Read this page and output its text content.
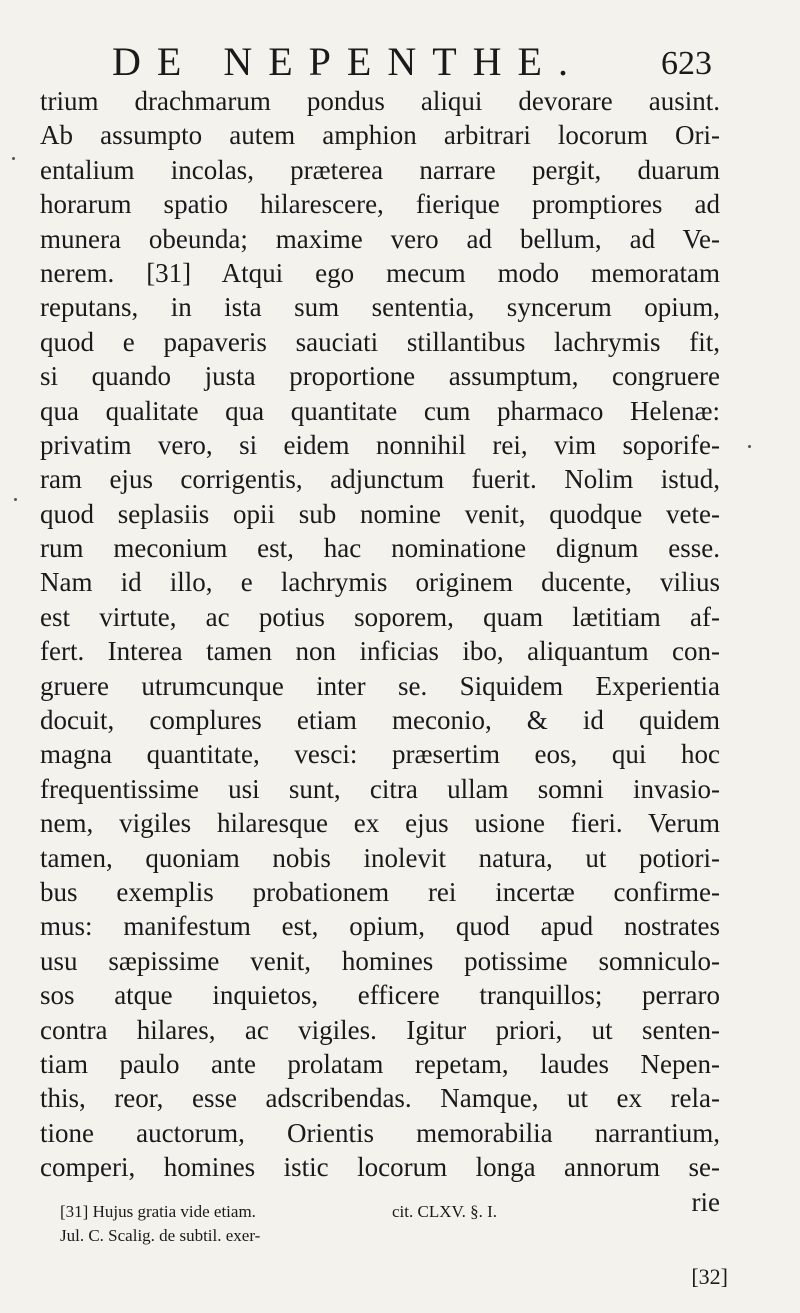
DE NEPENTHE. 623
trium drachmarum pondus aliqui devorare ausint.
Ab assumpto autem amphion arbitrari locorum Ori-
entalium incolas, præterea narrare pergit, duarum
horarum spatio hilarescere, fierique promptiores ad
munera obeunda; maxime vero ad bellum, ad Ve-
nerem. [31] Atqui ego mecum modo memoratam
reputans, in ista sum sententia, syncerum opium,
quod e papaveris sauciati stillantibus lachrymis fit,
si quando justa proportione assumptum, congruere
qua qualitate qua quantitate cum pharmaco Helenæ:
privatim vero, si eidem nonnihil rei, vim soporife-
ram ejus corrigentis, adjunctum fuerit. Nolim istud,
quod seplasiis opii sub nomine venit, quodque vete-
rum meconium est, hac nominatione dignum esse.
Nam id illo, e lachrymis originem ducente, vilius
est virtute, ac potius soporem, quam lætitiam af-
fert. Interea tamen non inficias ibo, aliquantum con-
gruere utrumcunque inter se. Siquidem Experientia
docuit, complures etiam meconio, & id quidem
magna quantitate, vesci: præsertim eos, qui hoc
frequentissime usi sunt, citra ullam somni invasio-
nem, vigiles hilaresque ex ejus usione fieri. Verum
tamen, quoniam nobis inolevit natura, ut potiori-
bus exemplis probationem rei incertæ confirme-
mus: manifestum est, opium, quod apud nostrates
usu sæpissime venit, homines potissime somniculo-
sos atque inquietos, efficere tranquillos; perraro
contra hilares, ac vigiles. Igitur priori, ut senten-
tiam paulo ante prolatam repetam, laudes Nepen-
this, reor, esse adscribendas. Namque, ut ex rela-
tione auctorum, Orientis memorabilia narrantium,
comperi, homines istic locorum longa annorum se-
rie
[31] Hujus gratia vide etiam.
Jul. C. Scalig. de subtil. exer-
cit. CLXV. §. I.
[32]
